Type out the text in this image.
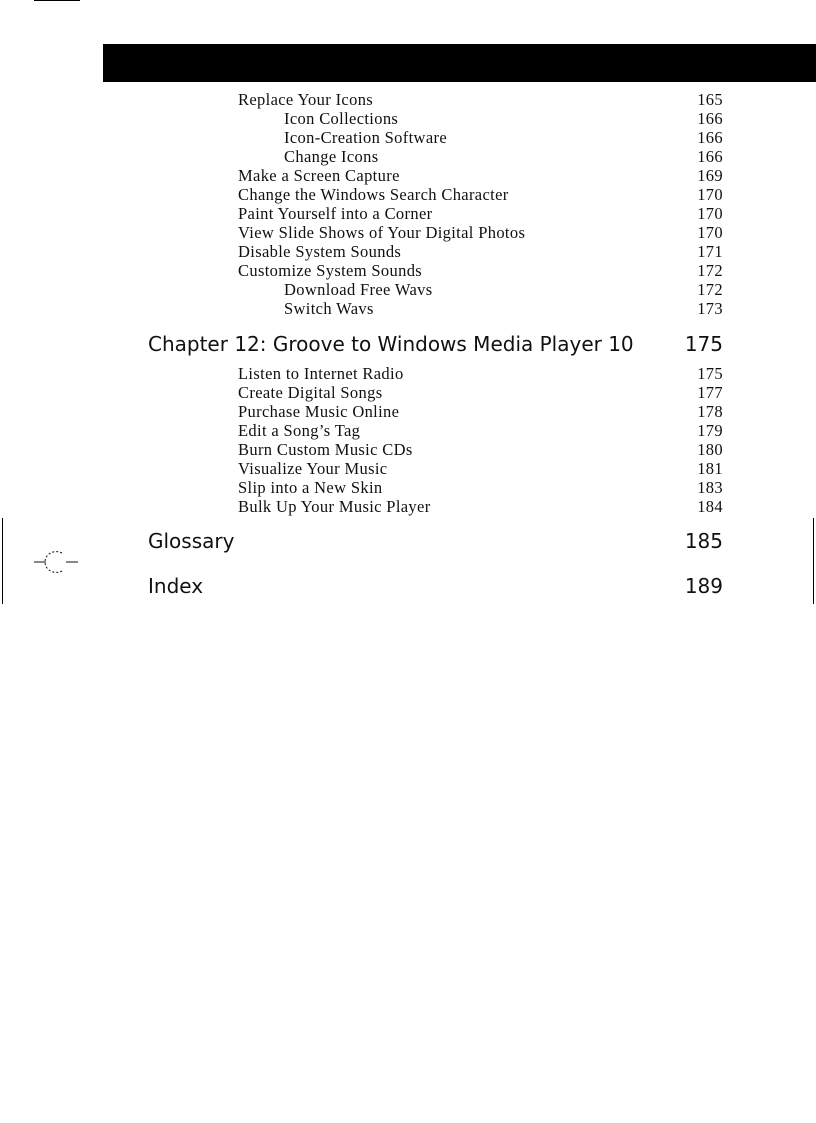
Replace Your Icons	165
Icon Collections	166
Icon-Creation Software	166
Change Icons	166
Make a Screen Capture	169
Change the Windows Search Character	170
Paint Yourself into a Corner	170
View Slide Shows of Your Digital Photos	170
Disable System Sounds	171
Customize System Sounds	172
Download Free Wavs	172
Switch Wavs	173
Chapter 12: Groove to Windows Media Player 10	175
Listen to Internet Radio	175
Create Digital Songs	177
Purchase Music Online	178
Edit a Song’s Tag	179
Burn Custom Music CDs	180
Visualize Your Music	181
Slip into a New Skin	183
Bulk Up Your Music Player	184
Glossary	185
Index	189
